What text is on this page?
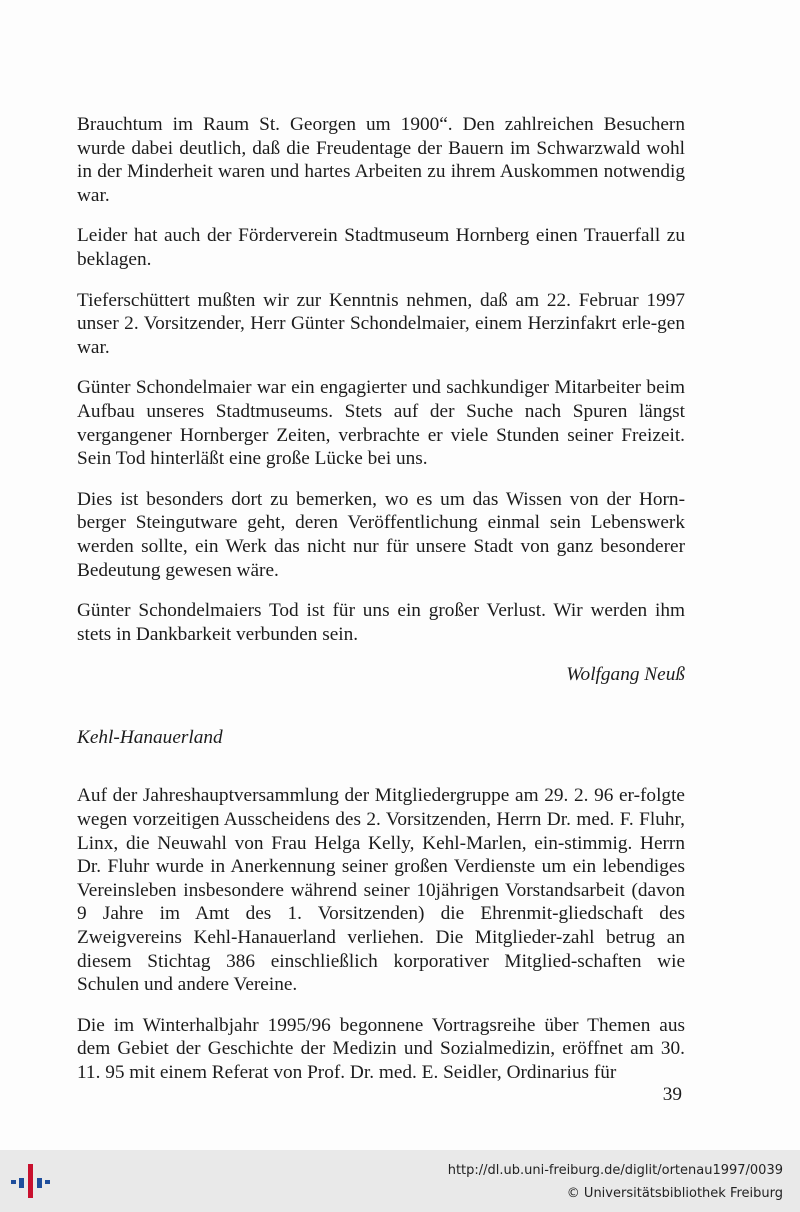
Brauchtum im Raum St. Georgen um 1900“. Den zahlreichen Besuchern wurde dabei deutlich, daß die Freudentage der Bauern im Schwarzwald wohl in der Minderheit waren und hartes Arbeiten zu ihrem Auskommen notwendig war.

Leider hat auch der Förderverein Stadtmuseum Hornberg einen Trauerfall zu beklagen.

Tieferschüttert mußten wir zur Kenntnis nehmen, daß am 22. Februar 1997 unser 2. Vorsitzender, Herr Günter Schondelmaier, einem Herzinfakrt erle-gen war.

Günter Schondelmaier war ein engagierter und sachkundiger Mitarbeiter beim Aufbau unseres Stadtmuseums. Stets auf der Suche nach Spuren längst vergangener Hornberger Zeiten, verbrachte er viele Stunden seiner Freizeit. Sein Tod hinterläßt eine große Lücke bei uns.

Dies ist besonders dort zu bemerken, wo es um das Wissen von der Horn-berger Steingutware geht, deren Veröffentlichung einmal sein Lebenswerk werden sollte, ein Werk das nicht nur für unsere Stadt von ganz besonderer Bedeutung gewesen wäre.

Günter Schondelmaiers Tod ist für uns ein großer Verlust. Wir werden ihm stets in Dankbarkeit verbunden sein.

Wolfgang Neuß
Kehl-Hanauerland

Auf der Jahreshauptversammlung der Mitgliedergruppe am 29. 2. 96 er-folgte wegen vorzeitigen Ausscheidens des 2. Vorsitzenden, Herrn Dr. med. F. Fluhr, Linx, die Neuwahl von Frau Helga Kelly, Kehl-Marlen, ein-stimmig. Herrn Dr. Fluhr wurde in Anerkennung seiner großen Verdienste um ein lebendiges Vereinsleben insbesondere während seiner 10jährigen Vorstandsarbeit (davon 9 Jahre im Amt des 1. Vorsitzenden) die Ehrenmit-gliedschaft des Zweigvereins Kehl-Hanauerland verliehen. Die Mitglieder-zahl betrug an diesem Stichtag 386 einschließlich korporativer Mitglied-schaften wie Schulen und andere Vereine.

Die im Winterhalbjahr 1995/96 begonnene Vortragsreihe über Themen aus dem Gebiet der Geschichte der Medizin und Sozialmedizin, eröffnet am 30. 11. 95 mit einem Referat von Prof. Dr. med. E. Seidler, Ordinarius für

39
http://dl.ub.uni-freiburg.de/diglit/ortenau1997/0039
© Universitätsbibliothek Freiburg
